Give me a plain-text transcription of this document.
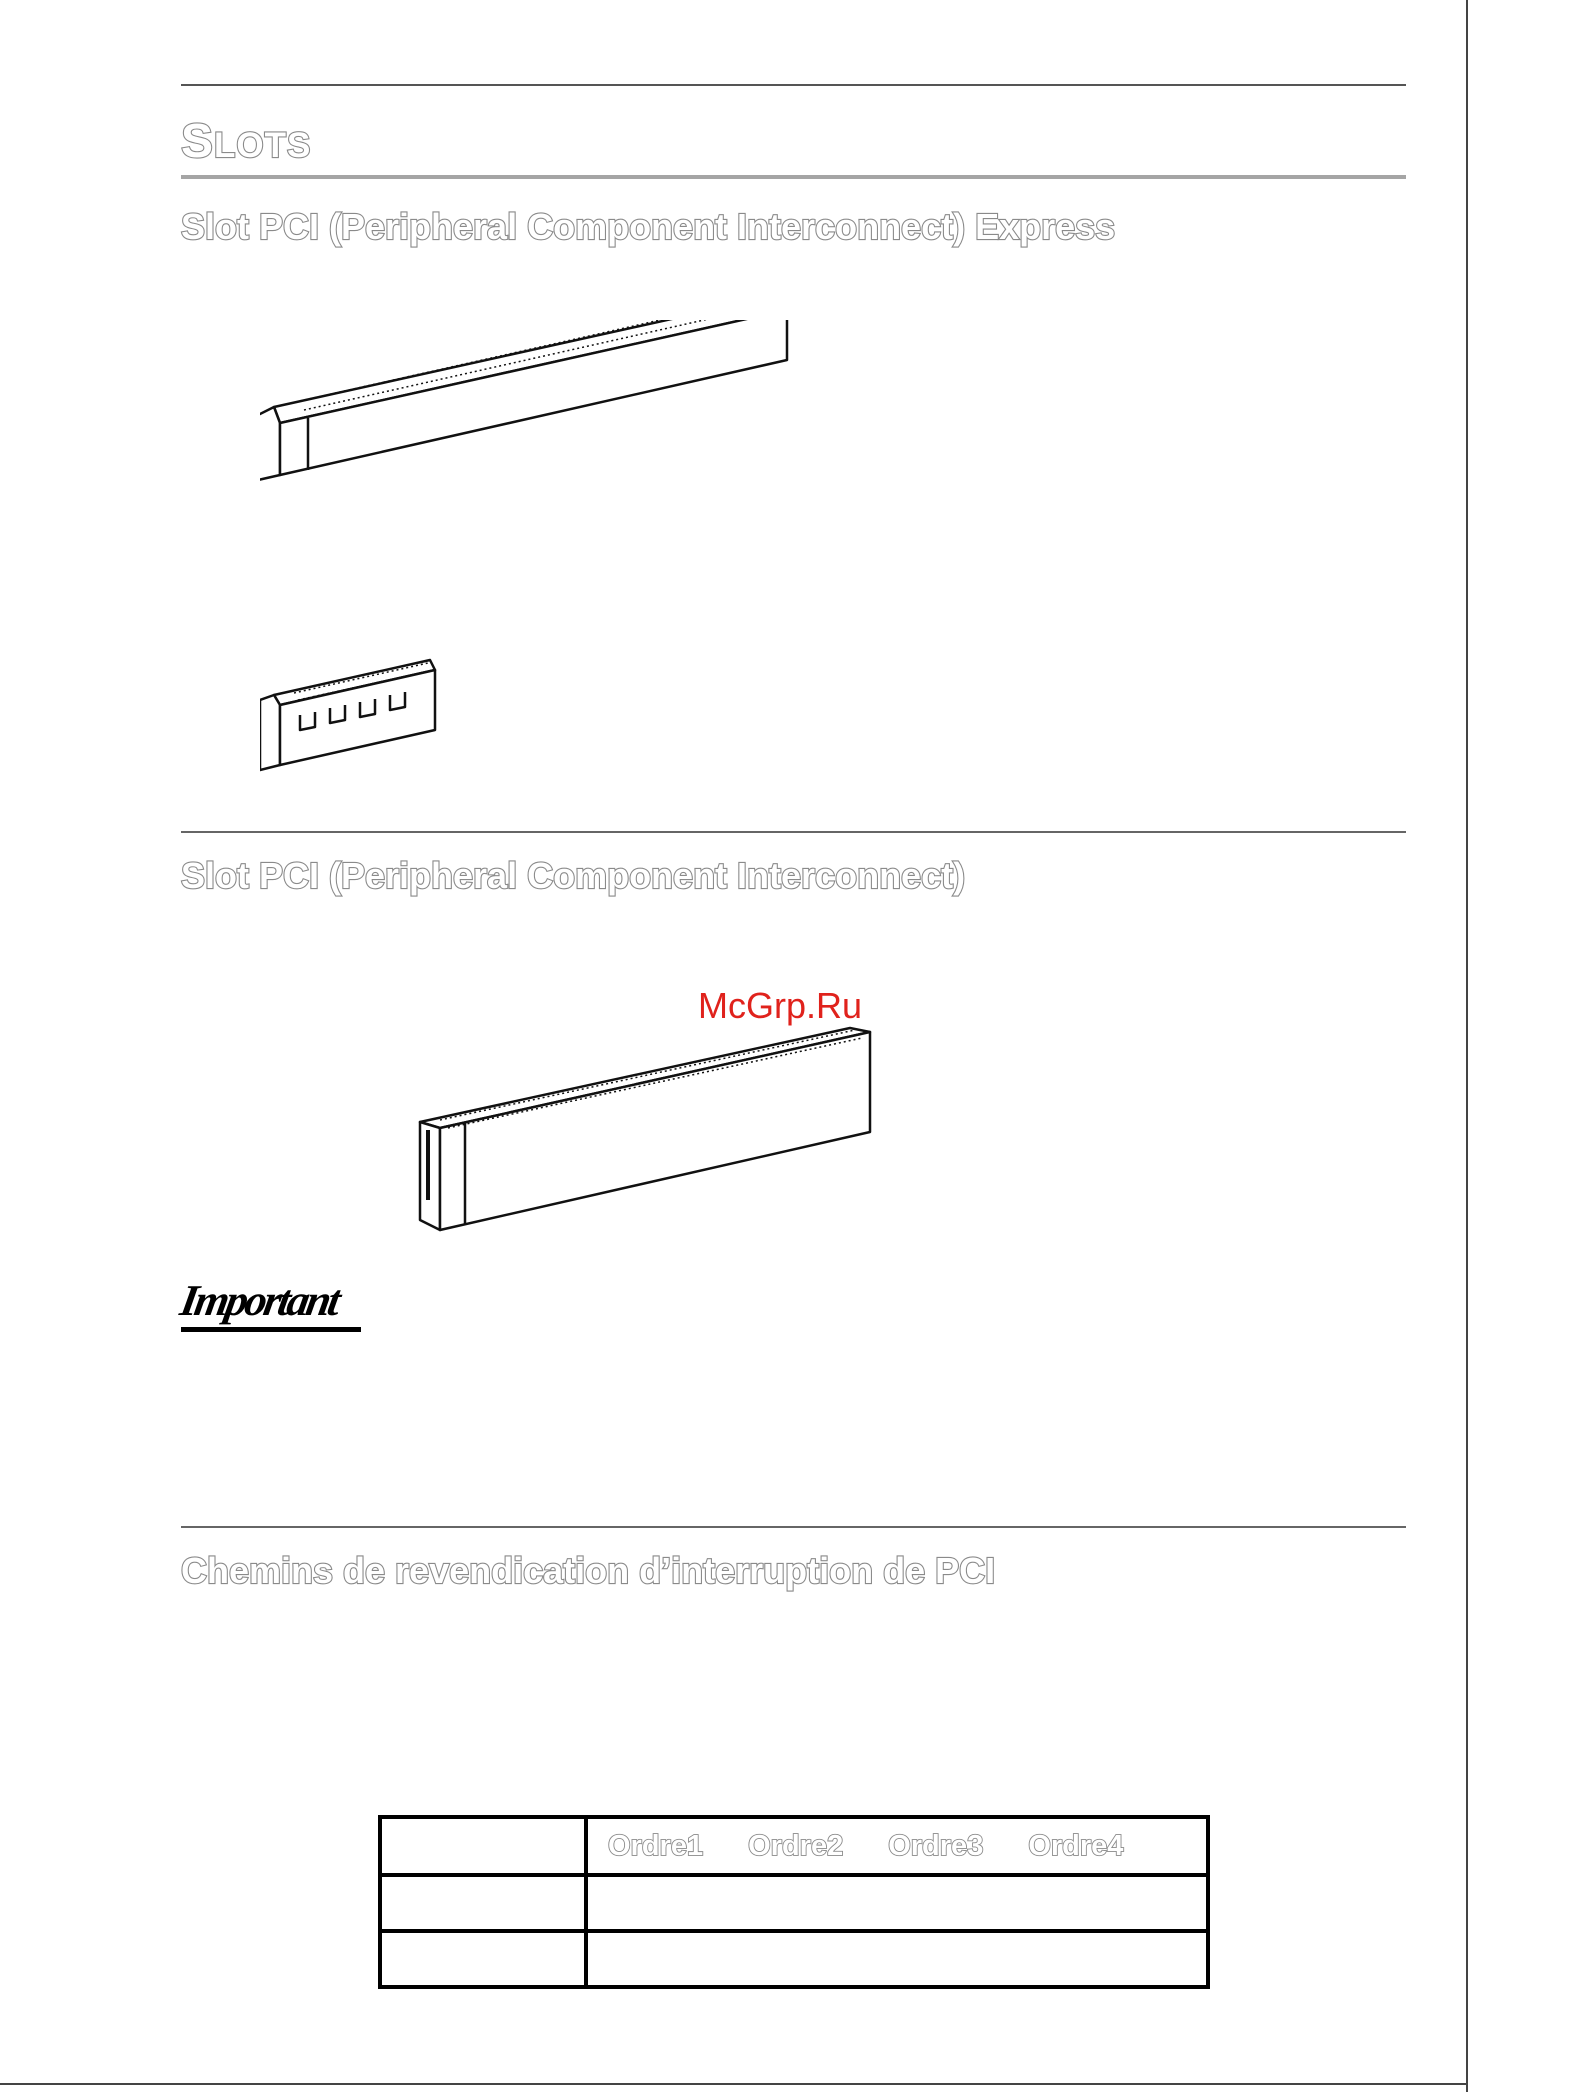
SLOTS
Slot PCI (Peripheral Component Interconnect) Express
Slot PCI (Peripheral Component Interconnect)
McGrp.Ru
Important
Chemins de revendication d’interruption de PCI

	Ordre1 Ordre2 Ordre3 Ordre4
